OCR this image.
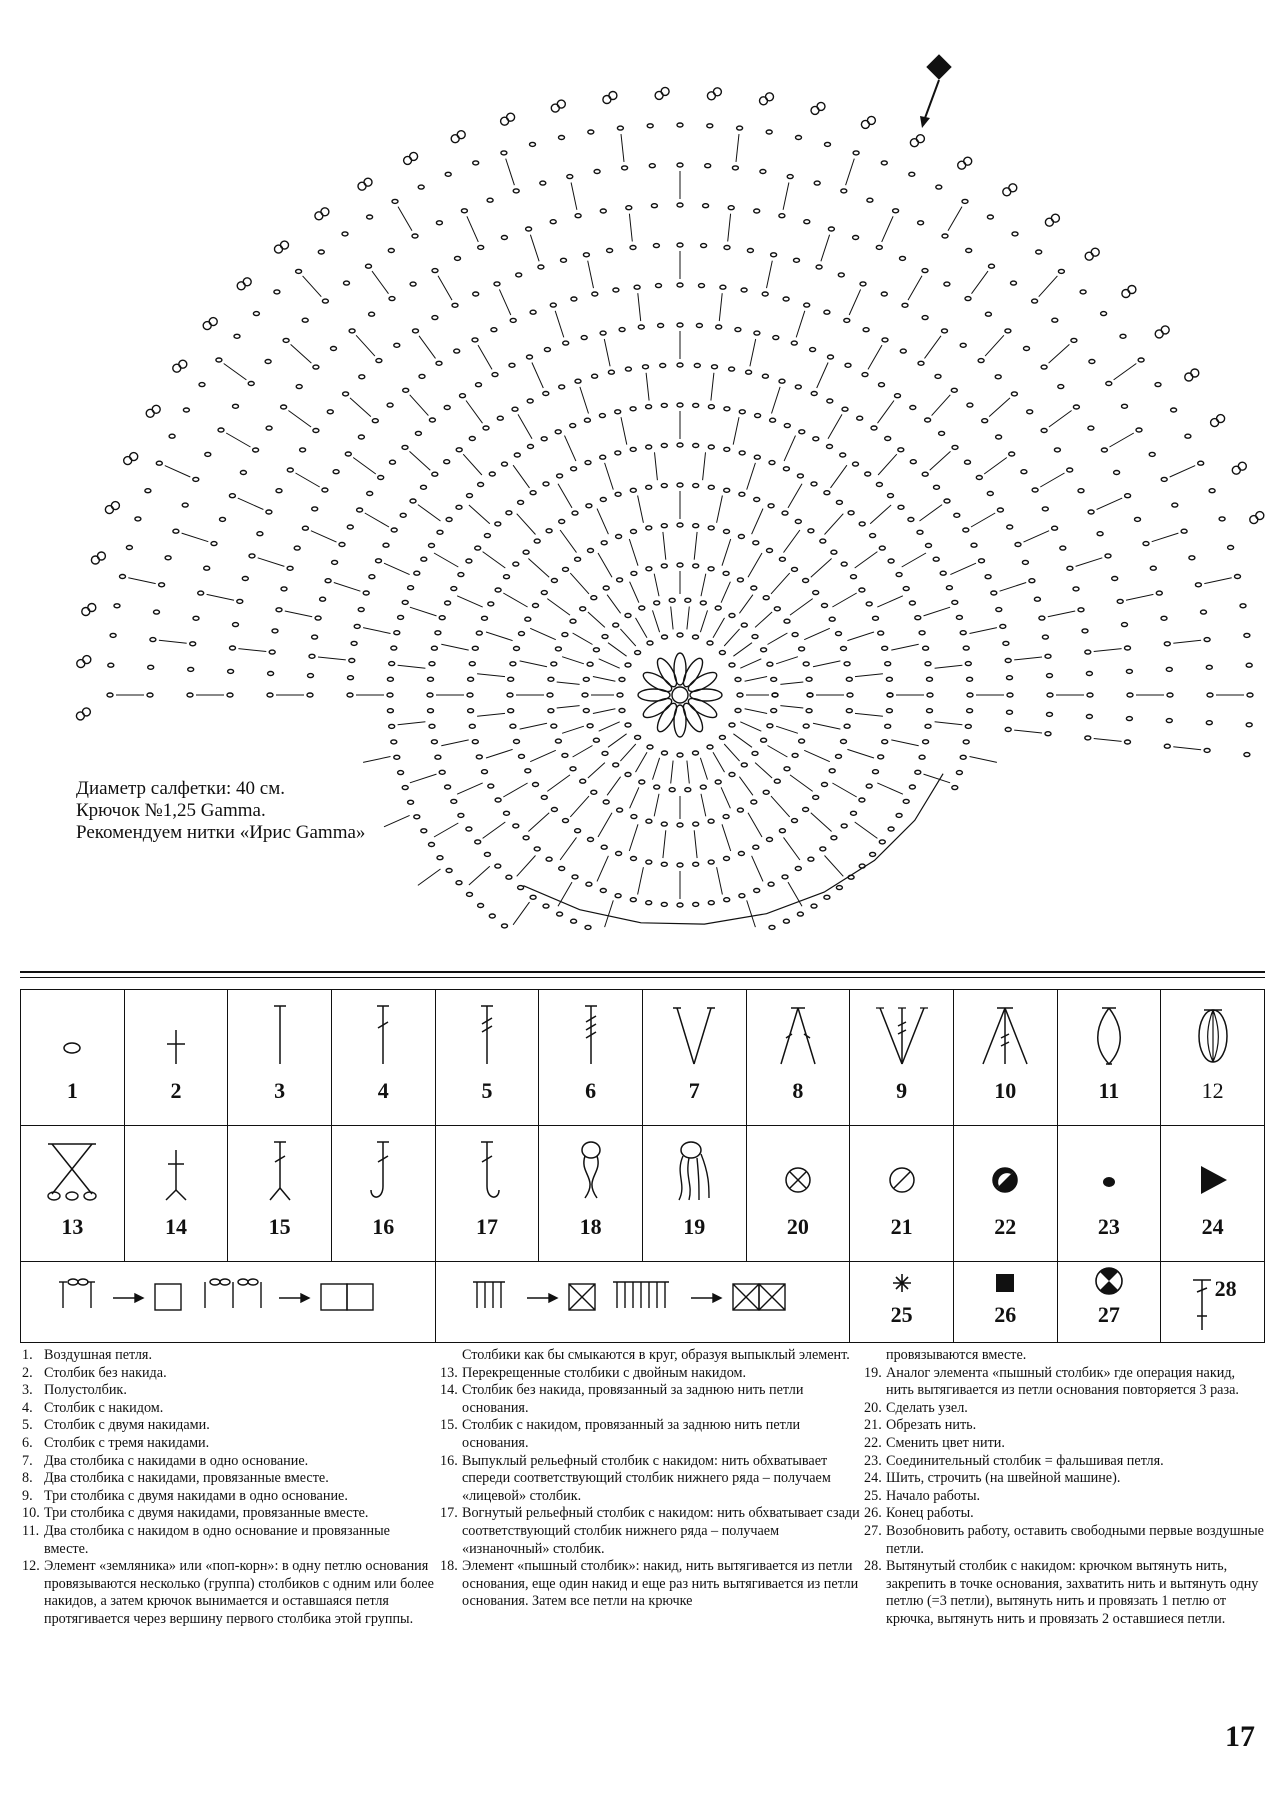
Диаметр салфетки: 40 см.
Крючок №1,25 Gamma.
Рекомендуем нитки «Ирис Gamma»
1	2	3	4	5	6	7	8	9	10	11	12

13	14	15	16	17	18	19	20	21	22	23	24

25	26	27	28
1. Воздушная петля.
2. Столбик без накида.
3. Полустолбик.
4. Столбик с накидом.
5. Столбик с двумя накидами.
6. Столбик с тремя накидами.
7. Два столбика с накидами в одно основание.
8. Два столбика с накидами, провязанные вместе.
9. Три столбика с двумя накидами в одно основание.
10. Три столбика с двумя накидами, провязанные вместе.
11. Два столбика с накидом в одно основание и провязанные вместе.
12. Элемент «земляника» или «поп-корн»: в одну петлю основания провязываются несколько (группа) столбиков с одним или более накидов, а затем крючок вынимается и оставшаяся петля протягивается через вершину первого столбика этой группы.
Столбики как бы смыкаются в круг, образуя выпыклый элемент.
13. Перекрещенные столбики с двойным накидом.
14. Столбик без накида, провязанный за заднюю нить петли основания.
15. Столбик с накидом, провязанный за заднюю нить петли основания.
16. Выпуклый рельефный столбик с накидом: нить обхватывает спереди соответствующий столбик нижнего ряда – получаем «лицевой» столбик.
17. Вогнутый рельефный столбик с накидом: нить обхватывает сзади соответствующий столбик нижнего ряда – получаем «изнаночный» столбик.
18. Элемент «пышный столбик»: накид, нить вытягивается из петли основания, еще один накид и еще раз нить вытягивается из петли основания. Затем все петли на крючке
провязываются вместе.
19. Аналог элемента «пышный столбик» где операция накид, нить вытягивается из петли основания повторяется 3 раза.
20. Сделать узел.
21. Обрезать нить.
22. Сменить цвет нити.
23. Соединительный столбик = фальшивая петля.
24. Шить, строчить (на швейной машине).
25. Начало работы.
26. Конец работы.
27. Возобновить работу, оставить свободными первые воздушные петли.
28. Вытянутый столбик с накидом: крючком вытянуть нить, закрепить в точке основания, захватить нить и вытянуть одну петлю (=3 петли), вытянуть нить и провязать 1 петлю от крючка, вытянуть нить и провязать 2 оставшиеся петли.
17
